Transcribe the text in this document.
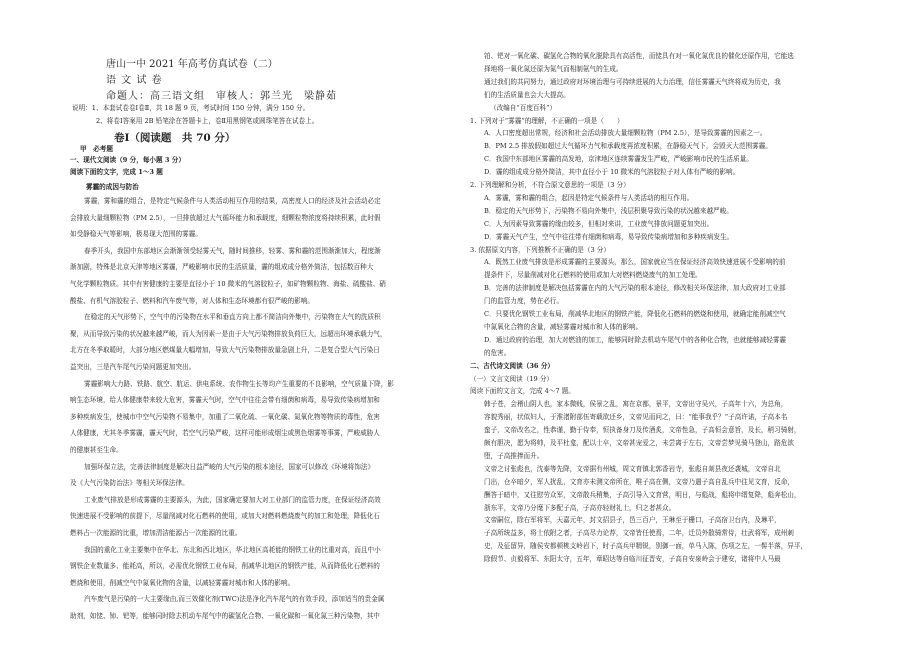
唐山一中 2021 年高考仿真试卷（二）
语 文 试 卷
命题人：高三语文组　审核人：郭兰光　梁静茹
说明：1、本套试卷卷Ⅰ卷Ⅱ，共 18 题 9 页，考试时间 150 分钟，满分 150 分。
2、将卷Ⅰ答案用 2B 铅笔涂在答题卡上，卷Ⅱ用黑钢笔或圆珠笔答在试卷上。
卷Ⅰ（阅读题　共 70 分）
甲　必考题
一、现代文阅读（9 分，每小题 3 分）
阅读下面的文字，完成 1～3 题
雾霾的成因与防治
雾霾，雾和霾的组合，是特定气候条件与人类活动相互作用的结果，高密度人口的经济及社会活动必定
会排放大量细颗粒物（PM 2.5），一旦排放超过大气循环能力和承载度，细颗粒物浓度将持续积累，此时假
如受静稳天气等影响，极易现大范围的雾霾。
春季开头，我国中东部地区会渐渐领受轻雾天气，随时间推移，轻雾、雾和霾的范围渐渐加大，程度渐
渐加剧，特殊是北京天津等地区雾霾，严峻影响市民的生活质量，霾的组成成分格外简洁，包括数百种大
气化学颗粒物质。其中有害健康的主要是直径小于 10 微米的气溶胶粒子，如矿物颗粒物、海盐、硫酸盐、硝
酸盐、有机气溶胶粒子、燃料和汽车废气等，对人体和生态环境都有很严峻的影响。
在稳定的天气形势下，空气中的污染物在水平和垂直方向上都不简洁向外集中，污染物在大气的洗质积
聚，从而导致污染的状况越来越严峻，而人为因素一是由于大气污染物排放负荷巨大，远超出环境承载力气，
北方在冬季取暖时，大部分地区燃煤量大幅增加，导致大气污染物排放量急剧上升，二是复合型大气污染日
益突出，三是汽车尾气污染问题更加突出。
雾霾影响大力路、铁路、航空、航运、供电系统、农作物生长等均产生重要的不良影响，空气质量下降，影
响生态环境，给人体健康带来较大危害，雾霾天气时，空气中往往会带有细菌和病毒，易导致传染病增加和
多种疾病发生，使城市中空气污染物不易集中，加重了二氧化硫、一氧化碳、氮氧化物等物质的毒性，危害
人体健康，尤其冬季雾霾，霾天气时，若空气污染严峻，这样可能形成烟尘或黑色烟雾等事雾，严峻威胁人
的健康甚至生命。
加强环保立法，完善法律制度是解决日益严峻的大气污染的根本途径，国家可以修改《环境将饰法》
及《大气污染防治法》等相关环保法律。
工业废气排放是形成雾霾的主要源头，为此，国家确定要加大对工业部门的监管力度，在保证经济高效
快速进展不受影响的前提下，尽量削减对化石燃料的使用，或加大对燃料燃烧废气的加工和处理，降低化石
燃料占一次能源的比重，增加清洁能源占一次能源的比重。
我国的重化工业主要集中在华北、东北和西北地区，华北地区高耗能的钢铁工业的比重对高，而且中小
钢铁企业数量多、能耗高，所以，必需优化钢铁工业布局，削减华北地区的钢铁产能，从而降低化石燃料的
燃烧和使用，削减空气中氮氧化物的含量，以减轻雾霾对城市和人体的影响。
汽车废气是污染的一大主要缘由,而三效催化剂(TWC)法是净化汽车尾气的有效手段，添加适当的贵金属
助剂，如铑、铈、钯等，能够同时除去机动车尾气中的碳氢化合物、一氧化碳和一氧化氮三种污染物，其中
铂、钯对一氧化碳、碳氢化合物的氧化脱除具有高活性，而铑具有对一氧化氮优良的催化还原作用，它能选
择地将一氧化氮还原为氮气而相制氨气的生成。
通过我们的共同努力，通过政府对环境治理与可持续进展的大力治理，信任雾霾天气终将成为历史，我
们的生活质量也会大大提高。
（改编自“百度百科”）
1. 下列对于“雾霾”的理解，不正确的一项是（　　）
A．人口密度超出常规，经济和社会活动排放大量细颗粒物（PM 2.5），是导致雾霾的因素之一。
B．PM 2.5 排放假如超过大气循环力气和承载度再浓度积累，在静稳天气下，会毁灭大范围雾霾。
C．我国中东部地区雾霾的高发地，京津地区连续雾霾发生严峻，严峻影响市民的生活质量。
D．霾的组成成分格外简洁，其中直径小于 10 微米的气溶胶粒子对人体有严峻的影响。
2. 下列理解和分析，不符合原文意思的一项是（3 分）
A．雾霾，雾和霾的组合，起因是特定气候条件与人类活动的相互作用。
B．稳定的天气形势下，污染物不易向外集中，浅层积聚导致污染的状况越来越严峻。
C．人为因素导致雾霾的缘由较多，但相对来讲，工业废气排放问题更加突出。
D．雾霾天气产生，空气中往往带有细菌和病毒，易导致传染病增加和多种疾病发生。
3. 依据原文内容，下列推断不正确的是（3 分）
A．既然工业废气排放是形成雾霾的主要源头，那么，国家就应当在保证经济高效快速进展不受影响的前
提条件下，尽量削减对化石燃料的使用或加大对燃料燃烧废气的加工处理。
B．完善的法律制度是解决包括雾霾在内的大气污染的根本途径，修改相关环保法律，加大政府对工业部
门的监管力度，势在必行。
C．只要优化钢铁工业布局，削减华北地区的钢铁产能，降低化石燃料的燃烧和使用，就确定能削减空气
中氮氧化合物的含量，减轻雾霾对城市和人体的影响。
D．通过政府的治理，加大对燃油的加工，能够同时除去机动车尾气中的各种化合物，也就能够减轻雾霾
的危害。
二、古代诗文阅读（36 分）
（一）文言文阅读（19 分）
阅读下面的文言文，完成 4～7 题。
韩子苍，会稽山阴人也，家本微贱，侯景之乱，寓在京都，景平，文帝出守吴兴，子高年十六，为总角，
容貌秀丽，状似妇人，于淮渚附部伍寄载欲还乡，文帝见而问之，曰：“能事我乎？”子高许诺，子高本名
蛮子，文帝改名之，性恭谨，勤于侍奉，恒执备身刀及传酒炙，文帝性急，子高恒会意旨，及长，稍习骑射，
颇有胆决，愿为将帅，及平杜龛，配以士卒，文帝甚宠爱之，未尝离于左右，文帝尝梦见骑马登山，路危欲
堕，子高推捧而升。
文帝之讨张彪也，沈泰等先降，文帝据有州城，周文育镇北郭香岩寺，张彪自剡县夜还袭城，文帝自北
门出，仓卒暗夕，军人扰乱，文育亦未测文帝所在，唯子高在侧，文帝乃遣子高自乱兵中往见文育，反命，
酬答于暗中，又往慰劳众军，文帝散兵稍集，子高引导入文育营，明日，与彪战，彪将申缙复降，彪奔松山，
浙东平，文帝乃分麾下多配子高，子高亦轻财礼士，归之者甚众。
文帝嗣位，除右军将军，天嘉元年，封文招县子，邑三百户，王琳至于栅口，子高宿卫台内，及琳平，
子高所统益多，将士依附之者，子高尽力论荐，文帝皆任使焉，二年，迁员外散骑常侍，壮武将军，成州刺
史，及征留异，随侯安都顿桃支岭岩下，时子高兵甲精锐，别御一面，单马入陈，伤项之左，一髻半落，异平，
除假节、贞毅将军、东阳太守，五年，章昭达等自临川征晋安，子高自安泉岭会于建安，诸将中人马最
